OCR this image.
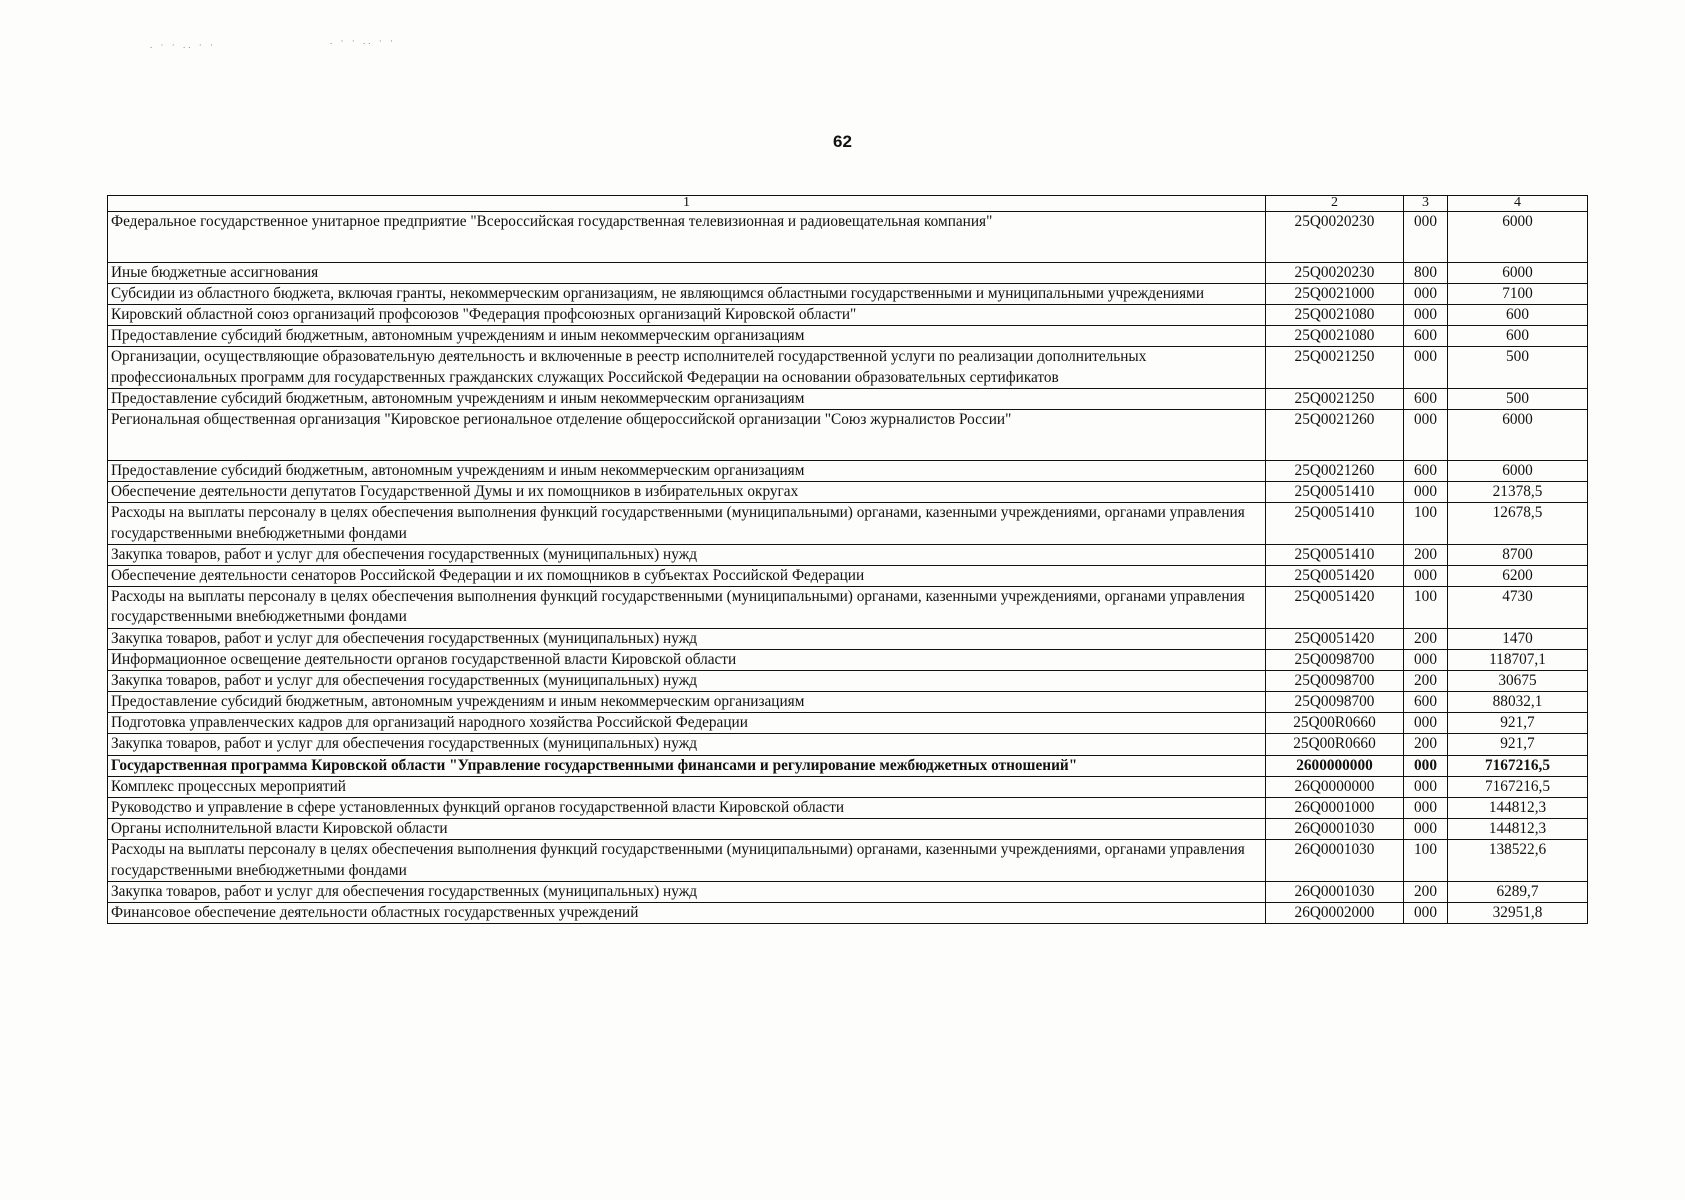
62
. · · .. · ·	. · · .. · ·
1	2	3	4
Федеральное государственное унитарное предприятие "Всероссийская государственная телевизионная и радиовещательная компания"	25Q0020230	000	6000
Иные бюджетные ассигнования	25Q0020230	800	6000
Субсидии из областного бюджета, включая гранты, некоммерческим организациям, не являющимся областными государственными и муниципальными учреждениями	25Q0021000	000	7100
Кировский областной союз организаций профсоюзов "Федерация профсоюзных организаций Кировской области"	25Q0021080	000	600
Предоставление субсидий бюджетным, автономным учреждениям и иным некоммерческим организациям	25Q0021080	600	600
Организации, осуществляющие образовательную деятельность и включенные в реестр исполнителей государственной услуги по реализации дополнительных профессиональных программ для государственных гражданских служащих Российской Федерации на основании образовательных сертификатов	25Q0021250	000	500
Предоставление субсидий бюджетным, автономным учреждениям и иным некоммерческим организациям	25Q0021250	600	500
Региональная общественная организация "Кировское региональное отделение общероссийской организации "Союз журналистов России"	25Q0021260	000	6000
Предоставление субсидий бюджетным, автономным учреждениям и иным некоммерческим организациям	25Q0021260	600	6000
Обеспечение деятельности депутатов Государственной Думы и их помощников в избирательных округах	25Q0051410	000	21378,5
Расходы на выплаты персоналу в целях обеспечения выполнения функций государственными (муниципальными) органами, казенными учреждениями, органами управления государственными внебюджетными фондами	25Q0051410	100	12678,5
Закупка товаров, работ и услуг для обеспечения государственных (муниципальных) нужд	25Q0051410	200	8700
Обеспечение деятельности сенаторов Российской Федерации и их помощников в субъектах Российской Федерации	25Q0051420	000	6200
Расходы на выплаты персоналу в целях обеспечения выполнения функций государственными (муниципальными) органами, казенными учреждениями, органами управления государственными внебюджетными фондами	25Q0051420	100	4730
Закупка товаров, работ и услуг для обеспечения государственных (муниципальных) нужд	25Q0051420	200	1470
Информационное освещение деятельности органов государственной власти Кировской области	25Q0098700	000	118707,1
Закупка товаров, работ и услуг для обеспечения государственных (муниципальных) нужд	25Q0098700	200	30675
Предоставление субсидий бюджетным, автономным учреждениям и иным некоммерческим организациям	25Q0098700	600	88032,1
Подготовка управленческих кадров для организаций народного хозяйства Российской Федерации	25Q00R0660	000	921,7
Закупка товаров, работ и услуг для обеспечения государственных (муниципальных) нужд	25Q00R0660	200	921,7
Государственная программа Кировской области "Управление государственными финансами и регулирование межбюджетных отношений"	2600000000	000	7167216,5
Комплекс процессных мероприятий	26Q0000000	000	7167216,5
Руководство и управление в сфере установленных функций органов государственной власти Кировской области	26Q0001000	000	144812,3
Органы исполнительной власти Кировской области	26Q0001030	000	144812,3
Расходы на выплаты персоналу в целях обеспечения выполнения функций государственными (муниципальными) органами, казенными учреждениями, органами управления государственными внебюджетными фондами	26Q0001030	100	138522,6
Закупка товаров, работ и услуг для обеспечения государственных (муниципальных) нужд	26Q0001030	200	6289,7
Финансовое обеспечение деятельности областных государственных учреждений	26Q0002000	000	32951,8
